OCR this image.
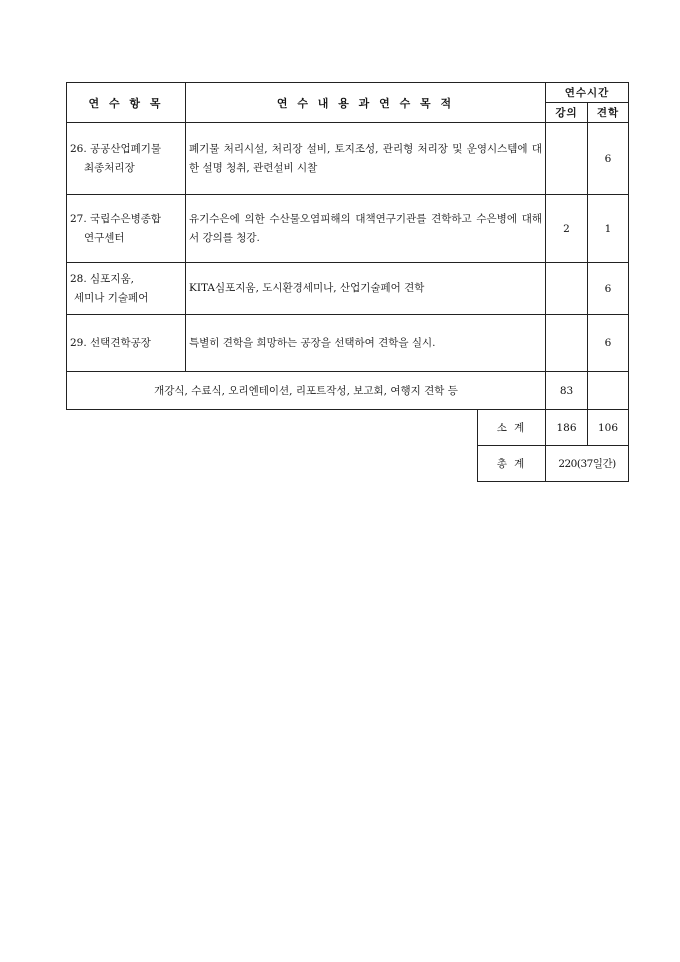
연 수 항 목	연 수 내 용 과 연 수 목 적		연수시간	
			강의	견학
26. 공공산업폐기물
최종처리장	폐기물 처리시설, 처리장 설비, 토지조성, 관리형 처리장 및 운영시스템에 대한 설명 청취, 관련설비 시찰			6
27. 국립수은병종합
연구센터	유기수은에 의한 수산물오염피해의 대책연구기관를 견학하고 수은병에 대해서 강의를 청강.		2	1
28. 심포지움,
세미나 기술페어	KITA심포지움, 도시환경세미나, 산업기술페어 견학			6
29. 선택견학공장	특별히 견학을 희망하는 공장을 선택하여 견학을 실시.			6
개강식, 수료식, 오리엔테이션, 리포트작성, 보고회, 여행지 견학 등			83	
		소 계	186	106
		총 계	220(37일간)	
